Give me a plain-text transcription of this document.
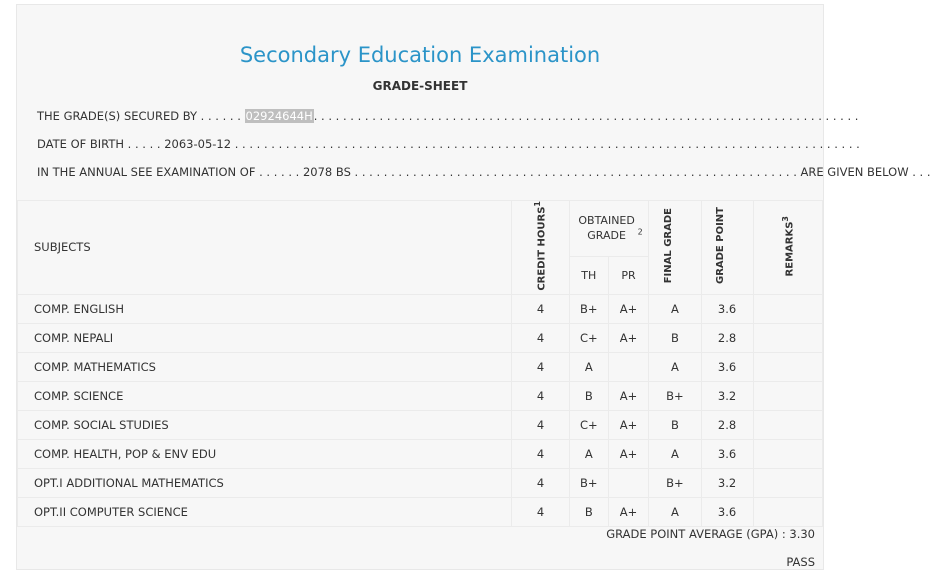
Secondary Education Examination
GRADE-SHEET
THE GRADE(S) SECURED BY . . . . . . 02924644H. . . . . . . . . . . . . . . . . . . . . . . . . . . . . . . . . . . . . . . . . . . . . . . . . . . . . . . . . . . . . . . . . . . . . . . . . . .
DATE OF BIRTH . . . . . 2063-05-12 . . . . . . . . . . . . . . . . . . . . . . . . . . . . . . . . . . . . . . . . . . . . . . . . . . . . . . . . . . . . . . . . . . . . . . . . . . . . . . . . . . . . . .
IN THE ANNUAL SEE EXAMINATION OF . . . . . . 2078 BS . . . . . . . . . . . . . . . . . . . . . . . . . . . . . . . . . . . . . . . . . . . . . . . . . . . . . . . . . . . . . ARE GIVEN BELOW . . .
SUBJECTS	CREDIT HOURS$^1$	OBTAINED GRADE $^2$		FINAL GRADE	GRADE POINT	REMARKS$^3$
		TH	PR			
COMP. ENGLISH	4	B+	A+	A	3.6	
COMP. NEPALI	4	C+	A+	B	2.8	
COMP. MATHEMATICS	4	A		A	3.6	
COMP. SCIENCE	4	B	A+	B+	3.2	
COMP. SOCIAL STUDIES	4	C+	A+	B	2.8	
COMP. HEALTH, POP & ENV EDU	4	A	A+	A	3.6	
OPT.I ADDITIONAL MATHEMATICS	4	B+		B+	3.2	
OPT.II COMPUTER SCIENCE	4	B	A+	A	3.6	
GRADE POINT AVERAGE (GPA) : 3.30
PASS
